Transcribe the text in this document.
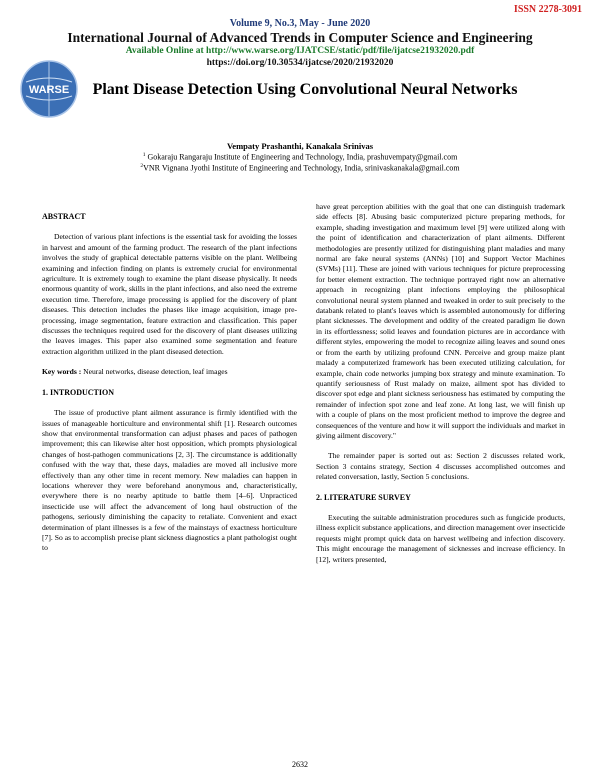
ISSN 2278-3091
Volume 9, No.3, May - June 2020
International Journal of Advanced Trends in Computer Science and Engineering
Available Online at http://www.warse.org/IJATCSE/static/pdf/file/ijatcse21932020.pdf
https://doi.org/10.30534/ijatcse/2020/21932020
WARSE	Plant Disease Detection Using Convolutional Neural Networks
Vempaty Prashanthi, Kanakala Srinivas
$^1$ Gokaraju Rangaraju Institute of Engineering and Technology, India, prashuvempaty@gmail.com
$^2$VNR Vignana Jyothi Institute of Engineering and Technology, India, srinivaskanakala@gmail.com

ABSTRACT

Detection of various plant infections is the essential task for avoiding the losses in harvest and amount of the farming product. The research of the plant infections involves the study of graphical detectable patterns visible on the plant. Wellbeing examining and infection finding on plants is extremely crucial for environmental agriculture. It is extremely tough to examine the plant disease physically. It needs enormous quantity of work, skills in the plant infections, and also need the extreme execution time. Therefore, image processing is applied for the discovery of plant diseases. This detection includes the phases like image acquisition, image pre-processing, image segmentation, feature extraction and classification. This paper discusses the techniques required used for the discovery of plant diseases utilizing the leaves images. This paper also examined some segmentation and feature extraction algorithm utilized in the plant diseased detection.

Key words : Neural networks, disease detection, leaf images

1. INTRODUCTION

The issue of productive plant ailment assurance is firmly identified with the issues of manageable horticulture and environmental shift [1]. Research outcomes show that environmental transformation can adjust phases and paces of pathogen improvement; this can likewise alter host opposition, which prompts physiological changes of host-pathogen communications [2, 3]. The circumstance is additionally confused with the way that, these days, maladies are moved all inclusive more effectively than any other time in recent memory. New maladies can happen in locations wherever they were beforehand anonymous and, characteristically, everywhere there is no nearby aptitude to battle them [4–6]. Unpracticed insecticide use will affect the advancement of long haul obstruction of the pathogens, seriously diminishing the capacity to retaliate. Convenient and exact determination of plant illnesses is a few of the mainstays of exactness horticulture [7]. So as to accomplish precise plant sickness diagnostics a plant pathologist ought to

have great perception abilities with the goal that one can distinguish trademark side effects [8]. Abusing basic computerized picture preparing methods, for example, shading investigation and maximum level [9] were utilized along with the point of identification and characterization of plant ailments. Different methodologies are presently utilized for distinguishing plant maladies and many normal are fake neural systems (ANNs) [10] and Support Vector Machines (SVMs) [11]. These are joined with various techniques for picture preprocessing for better element extraction. The technique portrayed right now an alternative approach in recognizing plant infections employing the philosophical convolutional neural system planned and tweaked in order to suit precisely to the databank related to plant's leaves which is assembled autonomously for differing plant sicknesses. The development and oddity of the created paradigm lie down in its effortlessness; solid leaves and foundation pictures are in accordance with different styles, empowering the model to recognize ailing leaves and sound ones or from the earth by utilizing profound CNN. Perceive and group maize plant malady a computerized framework has been executed utilizing calculation, for example, chain code networks jumping box strategy and minute examination. To quantify seriousness of Rust malady on maize, ailment spot has divided to discover spot edge and plant sickness seriousness has estimated by computing the remainder of infection spot zone and leaf zone. At long last, we will finish up with a couple of plans on the most proficient method to improve the degree and consequences of the venture and how it will support the individuals and market in giving ailment discovery."

The remainder paper is sorted out as: Section 2 discusses related work, Section 3 contains strategy, Section 4 discusses accomplished outcomes and related conversation, lastly, Section 5 conclusions.

2. LITERATURE SURVEY

Executing the suitable administration procedures such as fungicide products, illness explicit substance applications, and direction management over insecticide requests might prompt quick data on harvest wellbeing and infection discovery. This might encourage the management of sicknesses and increase efficiency. In [12], writers presented,

2632
